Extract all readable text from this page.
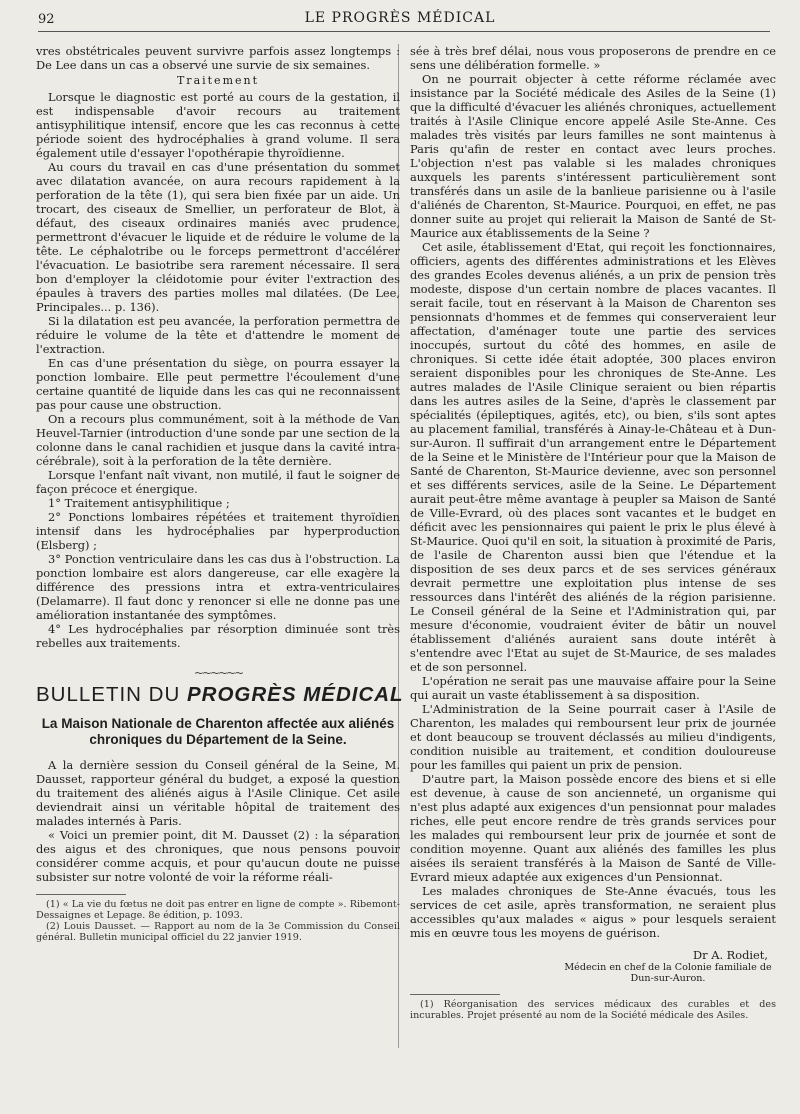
92	LE PROGRÈS MÉDICAL

vres obstétricales peuvent survivre parfois assez longtemps : De Lee dans un cas a observé une survie de six semaines.

Traitement

Lorsque le diagnostic est porté au cours de la gestation, il est indispensable d'avoir recours au traitement antisyphilitique intensif, encore que les cas reconnus à cette période soient des hydrocéphalies à grand volume. Il sera également utile d'essayer l'opothérapie thyroïdienne.

Au cours du travail en cas d'une présentation du sommet avec dilatation avancée, on aura recours rapidement à la perforation de la tête (1), qui sera bien fixée par un aide. Un trocart, des ciseaux de Smellier, un perforateur de Blot, à défaut, des ciseaux ordinaires maniés avec prudence, permettront d'évacuer le liquide et de réduire le volume de la tête. Le céphalotribe ou le forceps permettront d'accélérer l'évacuation. Le basiotribe sera rarement nécessaire. Il sera bon d'employer la cléidotomie pour éviter l'extraction des épaules à travers des parties molles mal dilatées. (De Lee, Principales... p. 136).

Si la dilatation est peu avancée, la perforation permettra de réduire le volume de la tête et d'attendre le moment de l'extraction.

En cas d'une présentation du siège, on pourra essayer la ponction lombaire. Elle peut permettre l'écoulement d'une certaine quantité de liquide dans les cas qui ne reconnaissent pas pour cause une obstruction.

On a recours plus communément, soit à la méthode de Van Heuvel-Tarnier (introduction d'une sonde par une section de la colonne dans le canal rachidien et jusque dans la cavité intra-cérébrale), soit à la perforation de la tête dernière.

Lorsque l'enfant naît vivant, non mutilé, il faut le soigner de façon précoce et énergique.

1° Traitement antisyphilitique ;

2° Ponctions lombaires répétées et traitement thyroïdien intensif dans les hydrocéphalies par hyperproduction (Elsberg) ;

3° Ponction ventriculaire dans les cas dus à l'obstruction. La ponction lombaire est alors dangereuse, car elle exagère la différence des pressions intra et extra-ventriculaires (Delamarre). Il faut donc y renoncer si elle ne donne pas une amélioration instantanée des symptômes.

4° Les hydrocéphalies par résorption diminuée sont très rebelles aux traitements.

~~~~~~
BULLETIN DU PROGRÈS MÉDICAL
La Maison Nationale de Charenton affectée aux aliénés
chroniques du Département de la Seine.

A la dernière session du Conseil général de la Seine, M. Dausset, rapporteur général du budget, a exposé la question du traitement des aliénés aigus à l'Asile Clinique. Cet asile deviendrait ainsi un véritable hôpital de traitement des malades internés à Paris.

« Voici un premier point, dit M. Dausset (2) : la séparation des aigus et des chroniques, que nous pensons pouvoir considérer comme acquis, et pour qu'aucun doute ne puisse subsister sur notre volonté de voir la réforme réali-

(1) « La vie du fœtus ne doit pas entrer en ligne de compte ». Ribemont-Dessaignes et Lepage. 8e édition, p. 1093.

(2) Louis Dausset. — Rapport au nom de la 3e Commission du Conseil général. Bulletin municipal officiel du 22 janvier 1919.

sée à très bref délai, nous vous proposerons de prendre en ce sens une délibération formelle. »

On ne pourrait objecter à cette réforme réclamée avec insistance par la Société médicale des Asiles de la Seine (1) que la difficulté d'évacuer les aliénés chroniques, actuellement traités à l'Asile Clinique encore appelé Asile Ste-Anne. Ces malades très visités par leurs familles ne sont maintenus à Paris qu'afin de rester en contact avec leurs proches. L'objection n'est pas valable si les malades chroniques auxquels les parents s'intéressent particulièrement sont transférés dans un asile de la banlieue parisienne ou à l'asile d'aliénés de Charenton, St-Maurice. Pourquoi, en effet, ne pas donner suite au projet qui relierait la Maison de Santé de St-Maurice aux établissements de la Seine ?

Cet asile, établissement d'Etat, qui reçoit les fonctionnaires, officiers, agents des différentes administrations et les Elèves des grandes Ecoles devenus aliénés, a un prix de pension très modeste, dispose d'un certain nombre de places vacantes. Il serait facile, tout en réservant à la Maison de Charenton ses pensionnats d'hommes et de femmes qui conserveraient leur affectation, d'aménager toute une partie des services inoccupés, surtout du côté des hommes, en asile de chroniques. Si cette idée était adoptée, 300 places environ seraient disponibles pour les chroniques de Ste-Anne. Les autres malades de l'Asile Clinique seraient ou bien répartis dans les autres asiles de la Seine, d'après le classement par spécialités (épileptiques, agités, etc), ou bien, s'ils sont aptes au placement familial, transférés à Ainay-le-Château et à Dun-sur-Auron. Il suffirait d'un arrangement entre le Département de la Seine et le Ministère de l'Intérieur pour que la Maison de Santé de Charenton, St-Maurice devienne, avec son personnel et ses différents services, asile de la Seine. Le Département aurait peut-être même avantage à peupler sa Maison de Santé de Ville-Evrard, où des places sont vacantes et le budget en déficit avec les pensionnaires qui paient le prix le plus élevé à St-Maurice. Quoi qu'il en soit, la situation à proximité de Paris, de l'asile de Charenton aussi bien que l'étendue et la disposition de ses deux parcs et de ses services généraux devrait permettre une exploitation plus intense de ses ressources dans l'intérêt des aliénés de la région parisienne. Le Conseil général de la Seine et l'Administration qui, par mesure d'économie, voudraient éviter de bâtir un nouvel établissement d'aliénés auraient sans doute intérêt à s'entendre avec l'Etat au sujet de St-Maurice, de ses malades et de son personnel.

L'opération ne serait pas une mauvaise affaire pour la Seine qui aurait un vaste établissement à sa disposition.

L'Administration de la Seine pourrait caser à l'Asile de Charenton, les malades qui remboursent leur prix de journée et dont beaucoup se trouvent déclassés au milieu d'indigents, condition nuisible au traitement, et condition douloureuse pour les familles qui paient un prix de pension.

D'autre part, la Maison possède encore des biens et si elle est devenue, à cause de son ancienneté, un organisme qui n'est plus adapté aux exigences d'un pensionnat pour malades riches, elle peut encore rendre de très grands services pour les malades qui remboursent leur prix de journée et sont de condition moyenne. Quant aux aliénés des familles les plus aisées ils seraient transférés à la Maison de Santé de Ville-Evrard mieux adaptée aux exigences d'un Pensionnat.

Les malades chroniques de Ste-Anne évacués, tous les services de cet asile, après transformation, ne seraient plus accessibles qu'aux malades « aigus » pour lesquels seraient mis en œuvre tous les moyens de guérison.

Dr A. Rodiet,
Médecin en chef de la Colonie familiale de Dun-sur-Auron.

(1) Réorganisation des services médicaux des curables et des incurables. Projet présenté au nom de la Société médicale des Asiles.
